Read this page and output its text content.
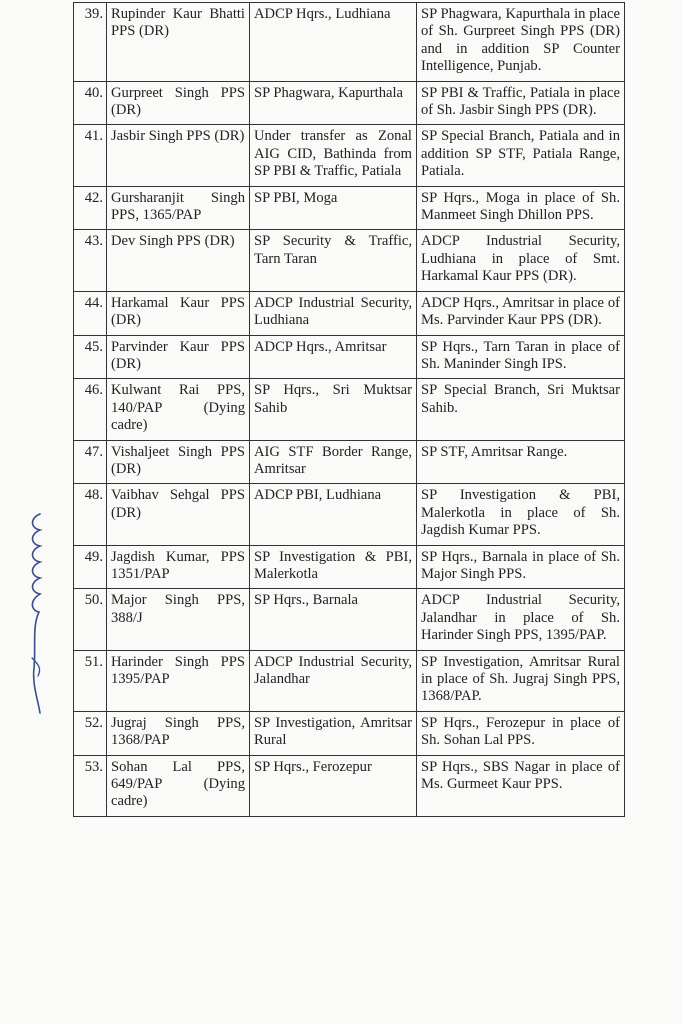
39.	Rupinder Kaur Bhatti PPS (DR)	ADCP Hqrs., Ludhiana	SP Phagwara, Kapurthala in place of Sh. Gurpreet Singh PPS (DR) and in addition SP Counter Intelligence, Punjab.
40.	Gurpreet Singh PPS (DR)	SP Phagwara, Kapurthala	SP PBI & Traffic, Patiala in place of Sh. Jasbir Singh PPS (DR).
41.	Jasbir Singh PPS (DR)	Under transfer as Zonal AIG CID, Bathinda from SP PBI & Traffic, Patiala	SP Special Branch, Patiala and in addition SP STF, Patiala Range, Patiala.
42.	Gursharanjit Singh PPS, 1365/PAP	SP PBI, Moga	SP Hqrs., Moga in place of Sh. Manmeet Singh Dhillon PPS.
43.	Dev Singh PPS (DR)	SP Security & Traffic, Tarn Taran	ADCP Industrial Security, Ludhiana in place of Smt. Harkamal Kaur PPS (DR).
44.	Harkamal Kaur PPS (DR)	ADCP Industrial Security, Ludhiana	ADCP Hqrs., Amritsar in place of Ms. Parvinder Kaur PPS (DR).
45.	Parvinder Kaur PPS (DR)	ADCP Hqrs., Amritsar	SP Hqrs., Tarn Taran in place of Sh. Maninder Singh IPS.
46.	Kulwant Rai PPS, 140/PAP (Dying cadre)	SP Hqrs., Sri Muktsar Sahib	SP Special Branch, Sri Muktsar Sahib.
47.	Vishaljeet Singh PPS (DR)	AIG STF Border Range, Amritsar	SP STF, Amritsar Range.
48.	Vaibhav Sehgal PPS (DR)	ADCP PBI, Ludhiana	SP Investigation & PBI, Malerkotla in place of Sh. Jagdish Kumar PPS.
49.	Jagdish Kumar, PPS 1351/PAP	SP Investigation & PBI, Malerkotla	SP Hqrs., Barnala in place of Sh. Major Singh PPS.
50.	Major Singh PPS, 388/J	SP Hqrs., Barnala	ADCP Industrial Security, Jalandhar in place of Sh. Harinder Singh PPS, 1395/PAP.
51.	Harinder Singh PPS 1395/PAP	ADCP Industrial Security, Jalandhar	SP Investigation, Amritsar Rural in place of Sh. Jugraj Singh PPS, 1368/PAP.
52.	Jugraj Singh PPS, 1368/PAP	SP Investigation, Amritsar Rural	SP Hqrs., Ferozepur in place of Sh. Sohan Lal PPS.
53.	Sohan Lal PPS, 649/PAP (Dying cadre)	SP Hqrs., Ferozepur	SP Hqrs., SBS Nagar in place of Ms. Gurmeet Kaur PPS.
